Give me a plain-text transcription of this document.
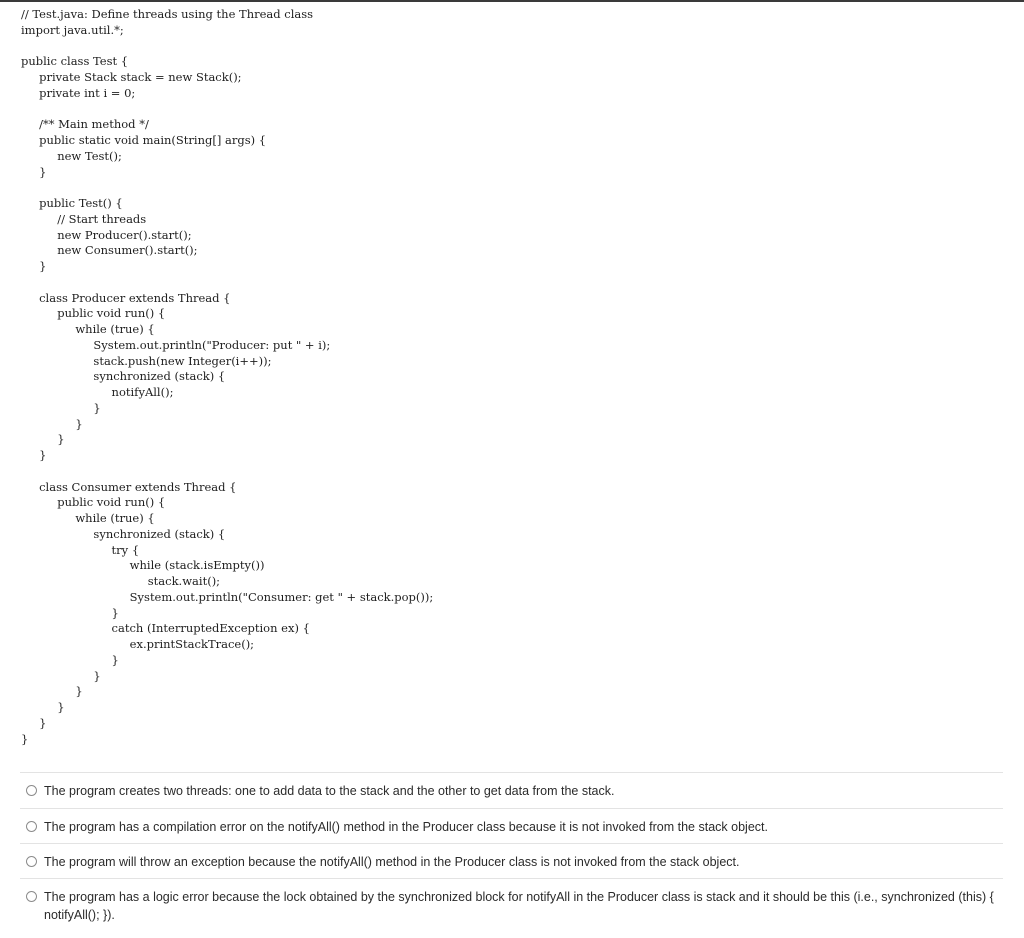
// Test.java: Define threads using the Thread class
import java.util.*;
public class Test {
private Stack stack = new Stack();
private int i = 0;
/** Main method */
public static void main(String[] args) {
new Test();
}
public Test() {
// Start threads
new Producer().start();
new Consumer().start();
}
class Producer extends Thread {
public void run() {
while (true) {
System.out.println("Producer: put " + i);
stack.push(new Integer(i++));
synchronized (stack) {
notifyAll();
}
}
}
}
class Consumer extends Thread {
public void run() {
while (true) {
synchronized (stack) {
try {
while (stack.isEmpty())
stack.wait();
System.out.println("Consumer: get " + stack.pop());
}
catch (InterruptedException ex) {
ex.printStackTrace();
}
}
}
}
}
}
The program creates two threads: one to add data to the stack and the other to get data from the stack.
The program has a compilation error on the notifyAll() method in the Producer class because it is not invoked from the stack object.
The program will throw an exception because the notifyAll() method in the Producer class is not invoked from the stack object.
The program has a logic error because the lock obtained by the synchronized block for notifyAll in the Producer class is stack and it should be this (i.e., synchronized (this) { notifyAll(); }).
